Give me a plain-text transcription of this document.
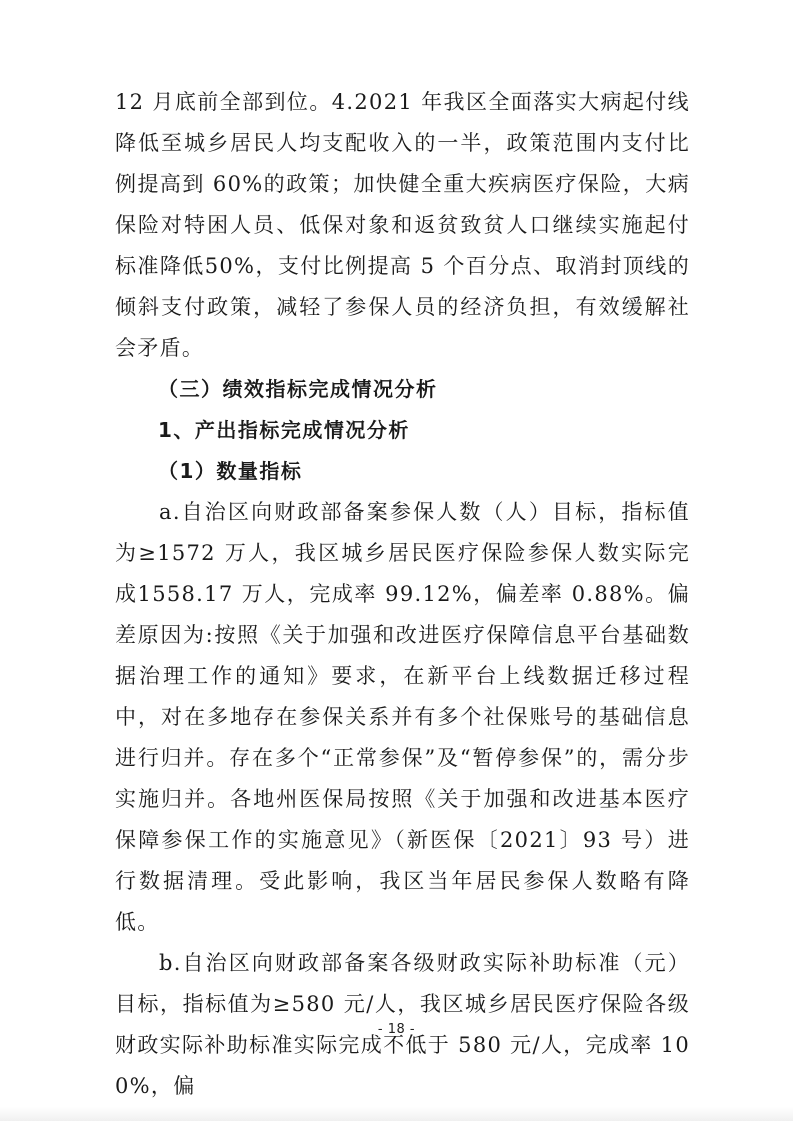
12 月底前全部到位。4.2021 年我区全面落实大病起付线降低至城乡居民人均支配收入的一半，政策范围内支付比例提高到 60%的政策；加快健全重大疾病医疗保险，大病保险对特困人员、低保对象和返贫致贫人口继续实施起付标准降低50%，支付比例提高 5 个百分点、取消封顶线的倾斜支付政策，减轻了参保人员的经济负担，有效缓解社会矛盾。

（三）绩效指标完成情况分析

1、产出指标完成情况分析

（1）数量指标

a.自治区向财政部备案参保人数（人）目标，指标值为≥1572 万人，我区城乡居民医疗保险参保人数实际完成1558.17 万人，完成率 99.12%，偏差率 0.88%。偏差原因为:按照《关于加强和改进医疗保障信息平台基础数据治理工作的通知》要求，在新平台上线数据迁移过程中，对在多地存在参保关系并有多个社保账号的基础信息进行归并。存在多个“正常参保”及“暂停参保”的，需分步实施归并。各地州医保局按照《关于加强和改进基本医疗保障参保工作的实施意见》（新医保〔2021〕93 号）进行数据清理。受此影响，我区当年居民参保人数略有降低。

b.自治区向财政部备案各级财政实际补助标准（元）目标，指标值为≥580 元/人，我区城乡居民医疗保险各级财政实际补助标准实际完成不低于 580 元/人，完成率 100%，偏

- 18 -
